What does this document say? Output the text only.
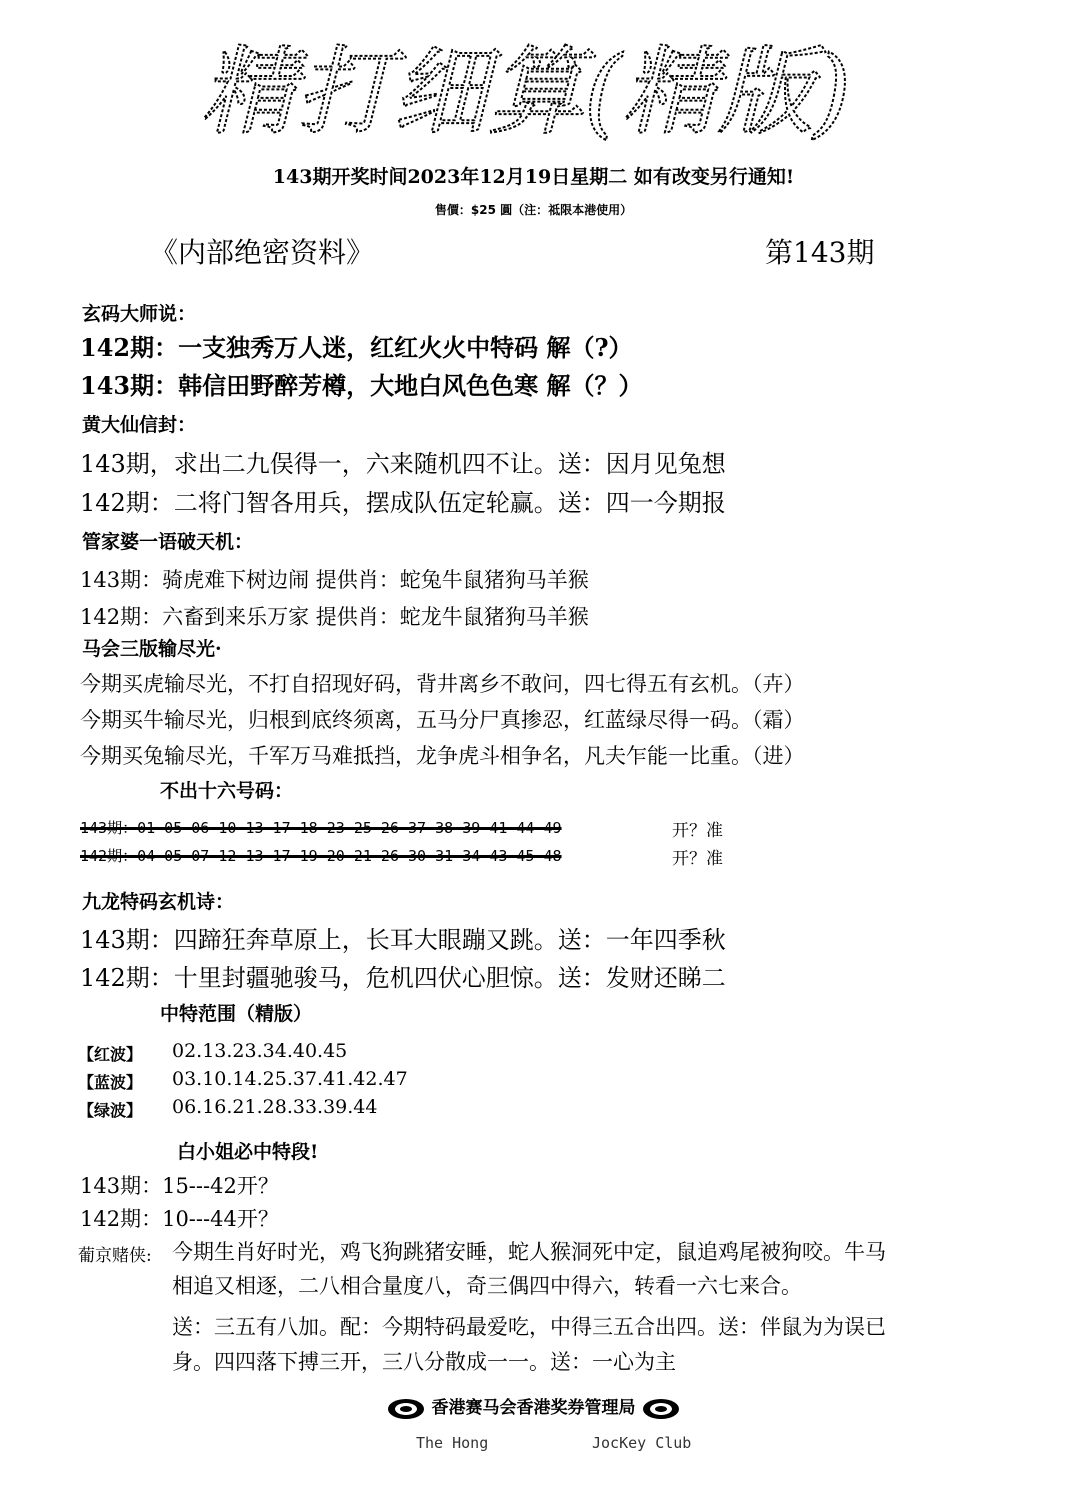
精打细算(精版)
143期开奖时间2023年12月19日星期二 如有改变另行通知!
售價：$25 圓（注：祗限本港使用）
《内部绝密资料》	第143期
玄码大师说：
142期：一支独秀万人迷，红红火火中特码 解（?）
143期：韩信田野醉芳樽，大地白风色色寒 解（？）
黄大仙信封：
143期，求出二九俣得一，六来随机四不让。送：因月见兔想
142期：二将门智各用兵，摆成队伍定轮赢。送：四一今期报
管家婆一语破天机：
143期：骑虎难下树边闹 提供肖：蛇兔牛鼠猪狗马羊猴
142期：六畜到来乐万家 提供肖：蛇龙牛鼠猪狗马羊猴
马会三版输尽光·
今期买虎输尽光，不打自招现好码，背井离乡不敢问，四七得五有玄机。（卉）
今期买牛输尽光，归根到底终须离，五马分尸真掺忍，红蓝绿尽得一码。（霜）
今期买兔输尽光，千军万马难抵挡，龙争虎斗相争名，凡夫乍能一比重。（进）
不出十六号码：
143期：01 05 06 10 13 17 18 23 25 26 37 38 39 41 44 49	开？准
142期：04 05 07 12 13 17 19 20 21 26 30 31 34 43 45 48	开？准
九龙特码玄机诗：
143期：四蹄狂奔草原上，长耳大眼蹦又跳。送：一年四季秋
142期：十里封疆驰骏马，危机四伏心胆惊。送：发财还睇二
中特范围（精版）
【红波】 02.13.23.34.40.45
【蓝波】 03.10.14.25.37.41.42.47
【绿波】 06.16.21.28.33.39.44
白小姐必中特段!
143期：15---42开？
142期：10---44开？
葡京赌侠: 今期生肖好时光，鸡飞狗跳猪安睡，蛇人猴洞死中定，鼠追鸡尾被狗咬。牛马
相追又相逐，二八相合量度八，奇三偶四中得六，转看一六七来合。
送：三五有八加。配：今期特码最爱吃，中得三五合出四。送：伴鼠为为误已
身。四四落下搏三开，三八分散成一一。送：一心为主
香港赛马会香港奖券管理局
The Hong	JocKey Club
